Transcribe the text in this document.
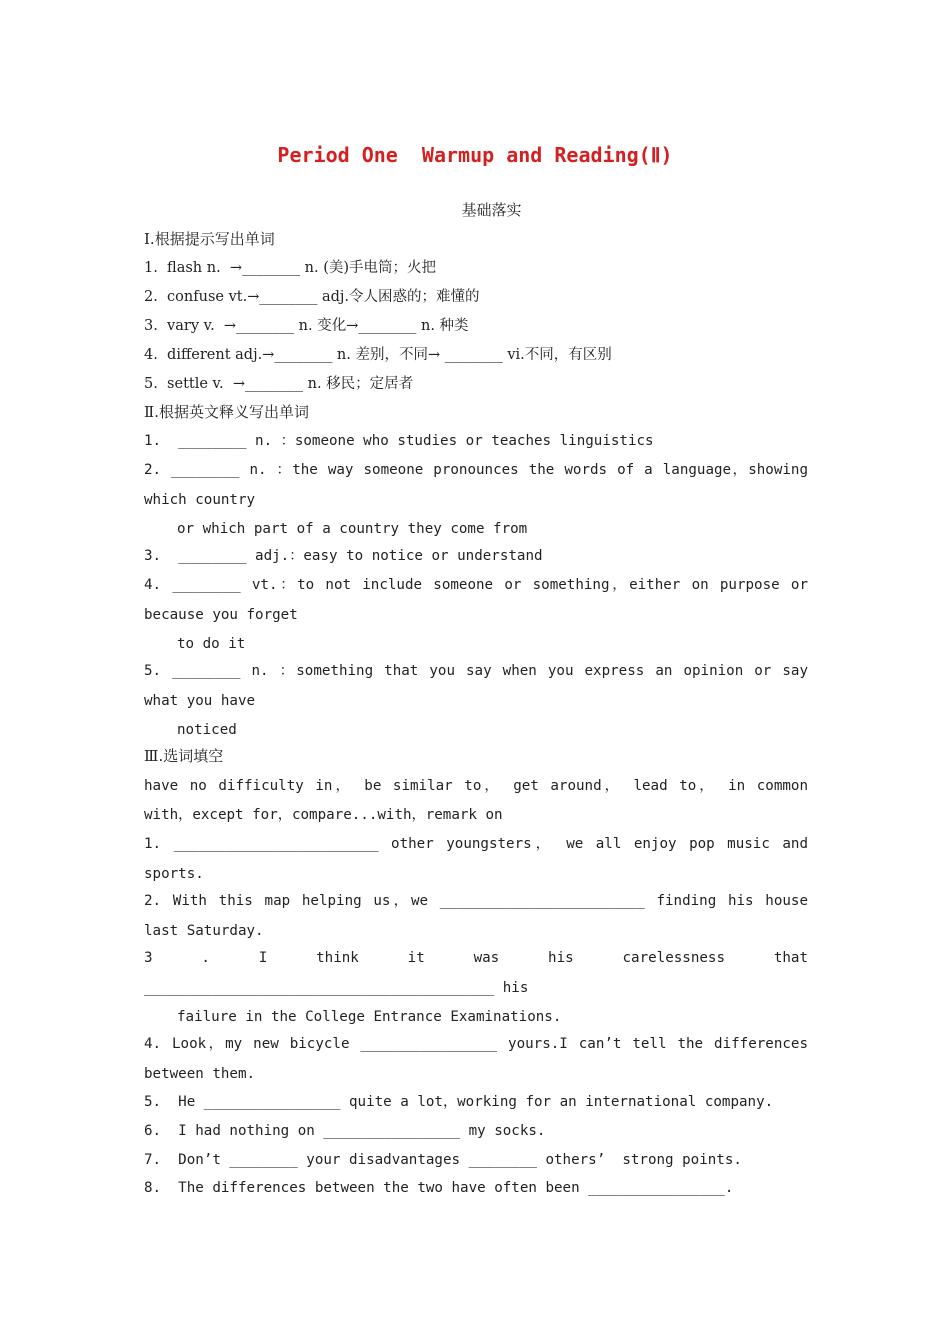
Period One  Warmup and Reading(Ⅱ)
基础落实
Ⅰ.根据提示写出单词
1.  flash n.  →________ n. (美)手电筒；火把
2.  confuse vt.→________ adj.令人困惑的；难懂的
3.  vary v.  →________ n. 变化→________ n. 种类
4.  different adj.→________ n. 差别，不同→ ________ vi.不同，有区别
5.  settle v.  →________ n. 移民；定居者
Ⅱ.根据英文释义写出单词
1.  ________ n. ：someone who studies or teaches linguistics
2. ________ n. ：the way someone pronounces the words of a language，showing
which country
or which part of a country they come from
3.  ________ adj.：easy to notice or understand
4. ________ vt.：to not include someone or something，either on purpose or
because you forget
to do it
5. ________ n. ：something that you say when you express an opinion or say
what you have
noticed
Ⅲ.选词填空
have no difficulty in， be similar to， get around， lead to， in common
with，except for，compare...with，remark on
1. ________________________ other youngsters， we all enjoy pop music and
sports.
2. With this map helping us，we ________________________ finding his house
last Saturday.
3 . I think it was his carelessness that
_________________________________________ his
failure in the College Entrance Examinations.
4. Look，my new bicycle ________________ yours.I can’t tell the differences
between them.
5.  He ________________ quite a lot，working for an international company.
6.  I had nothing on ________________ my socks.
7.  Don’t ________ your disadvantages ________ others’  strong points.
8.  The differences between the two have often been ________________.
